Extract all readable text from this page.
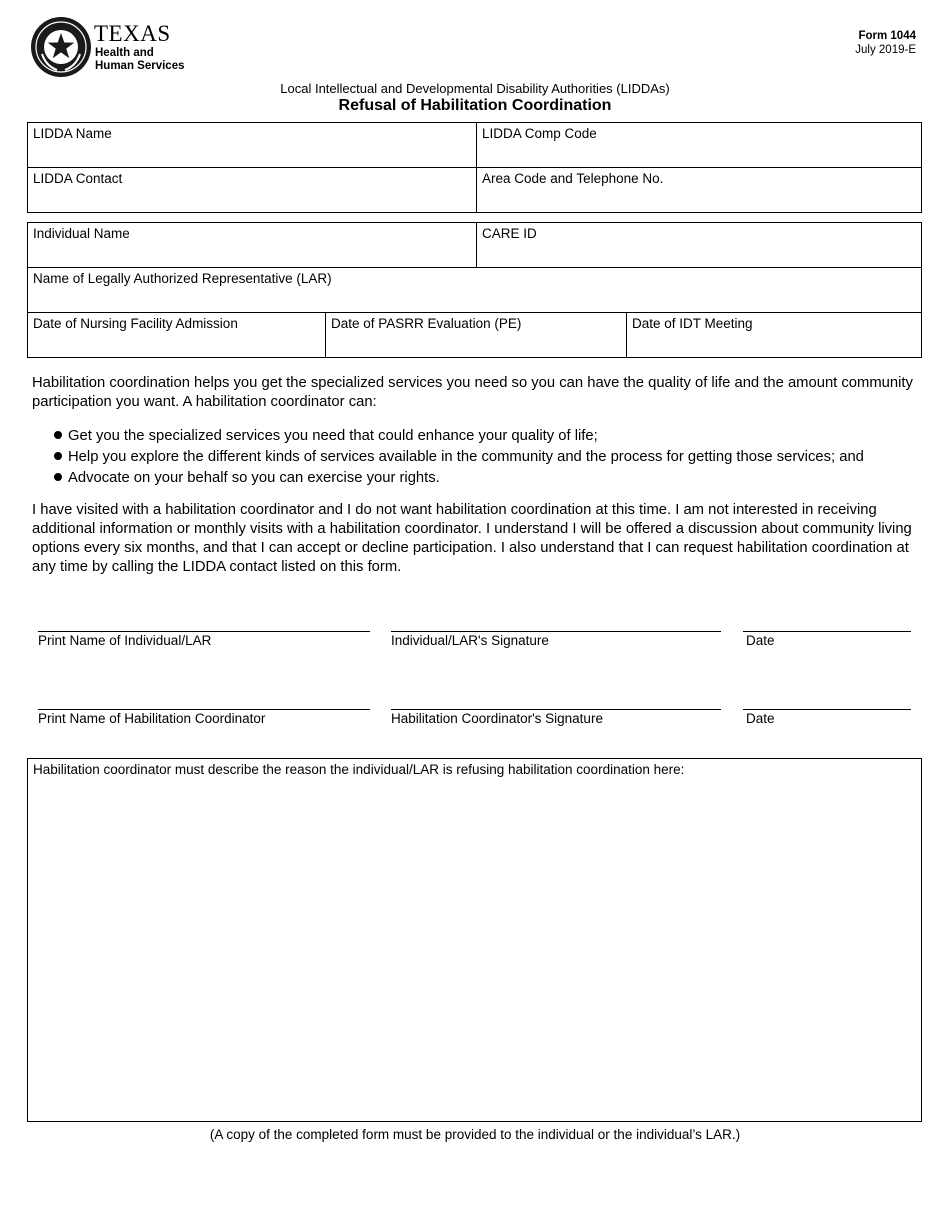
TEXAS
Health and Human Services
Form 1044
July 2019-E
Local Intellectual and Developmental Disability Authorities (LIDDAs)
Refusal of Habilitation Coordination
LIDDA Name	LIDDA Comp Code
LIDDA Contact	Area Code and Telephone No.
Individual Name	CARE ID
Name of Legally Authorized Representative (LAR)
Date of Nursing Facility Admission	Date of PASRR Evaluation (PE)	Date of IDT Meeting

Habilitation coordination helps you get the specialized services you need so you can have the quality of life and the amount community participation you want. A habilitation coordinator can:

Get you the specialized services you need that could enhance your quality of life;
Help you explore the different kinds of services available in the community and the process for getting those services; and
Advocate on your behalf so you can exercise your rights.

I have visited with a habilitation coordinator and I do not want habilitation coordination at this time. I am not interested in receiving additional information or monthly visits with a habilitation coordinator. I understand I will be offered a discussion about community living options every six months, and that I can accept or decline participation. I also understand that I can request habilitation coordination at any time by calling the LIDDA contact listed on this form.

Print Name of Individual/LAR	Individual/LAR's Signature	Date
Print Name of Habilitation Coordinator	Habilitation Coordinator's Signature	Date
Habilitation coordinator must describe the reason the individual/LAR is refusing habilitation coordination here:
(A copy of the completed form must be provided to the individual or the individual’s LAR.)
